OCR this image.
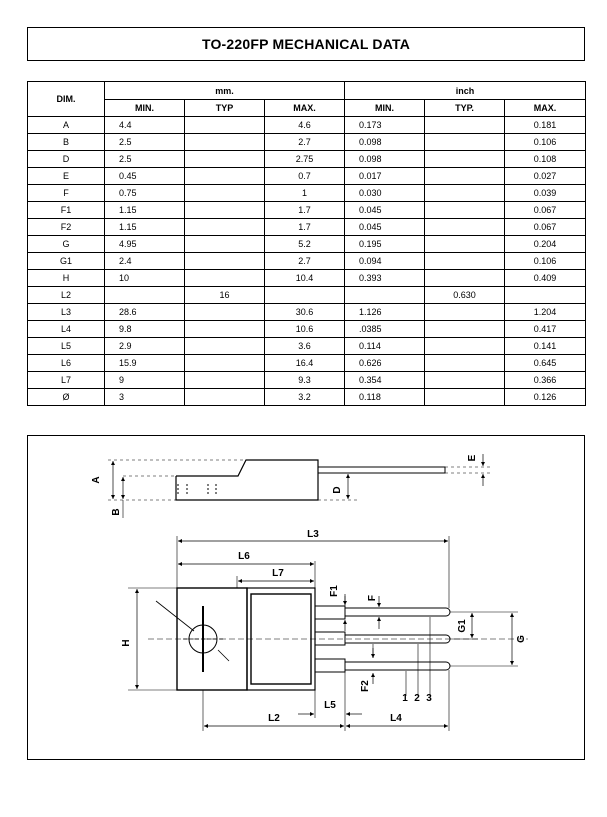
TO-220FP MECHANICAL DATA
DIM.	mm.			inch		
	MIN.	TYP	MAX.	MIN.	TYP.	MAX.
A	4.4		4.6	0.173		0.181
B	2.5		2.7	0.098		0.106
D	2.5		2.75	0.098		0.108
E	0.45		0.7	0.017		0.027
F	0.75		1	0.030		0.039
F1	1.15		1.7	0.045		0.067
F2	1.15		1.7	0.045		0.067
G	4.95		5.2	0.195		0.204
G1	2.4		2.7	0.094		0.106
H	10		10.4	0.393		0.409
L2		16			0.630	
L3	28.6		30.6	1.126		1.204
L4	9.8		10.6	.0385		0.417
L5	2.9		3.6	0.114		0.141
L6	15.9		16.4	0.626		0.645
L7	9		9.3	0.354		0.366
Ø	3		3.2	0.118		0.126
A
B
D
E
H
L3
L6
L7
L2
L5
L4
F1
F
F2
G1
G
1 2 3
